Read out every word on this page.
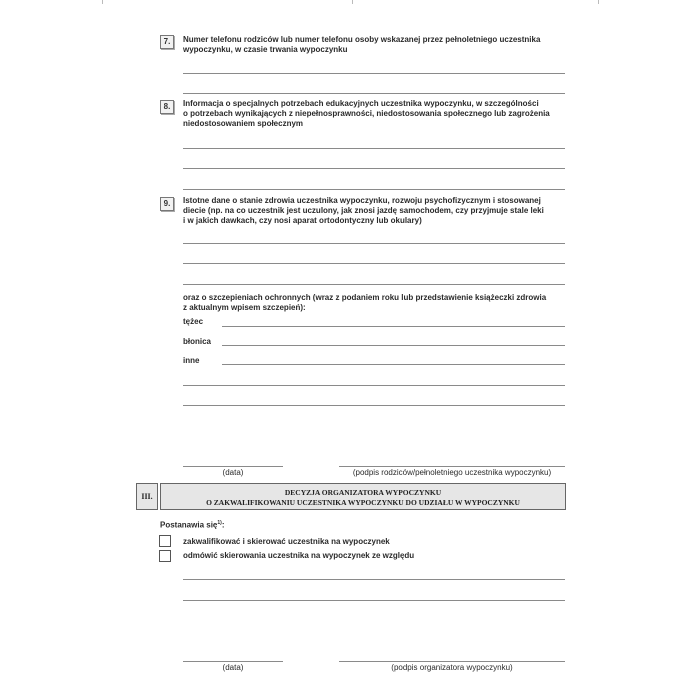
7.	Numer telefonu rodziców lub numer telefonu osoby wskazanej przez pełnoletniego uczestnika
wypoczynku, w czasie trwania wypoczynku
8.	Informacja o specjalnych potrzebach edukacyjnych uczestnika wypoczynku, w szczególności
o potrzebach wynikających z niepełnosprawności, niedostosowania społecznego lub zagrożenia
niedostosowaniem społecznym
9.	Istotne dane o stanie zdrowia uczestnika wypoczynku, rozwoju psychofizycznym i stosowanej
diecie (np. na co uczestnik jest uczulony, jak znosi jazdę samochodem, czy przyjmuje stale leki
i w jakich dawkach, czy nosi aparat ortodontyczny lub okulary)
oraz o szczepieniach ochronnych (wraz z podaniem roku lub przedstawienie książeczki zdrowia
z aktualnym wpisem szczepień):
tężec
błonica
inne
(data)	(podpis rodziców/pełnoletniego uczestnika wypoczynku)
III.	DECYZJA ORGANIZATORA WYPOCZYNKU
O ZAKWALIFIKOWANIU UCZESTNIKA WYPOCZYNKU DO UDZIAŁU W WYPOCZYNKU
Postanawia się$^{1)}$:
zakwalifikować i skierować uczestnika na wypoczynek
odmówić skierowania uczestnika na wypoczynek ze względu
(data)	(podpis organizatora wypoczynku)
